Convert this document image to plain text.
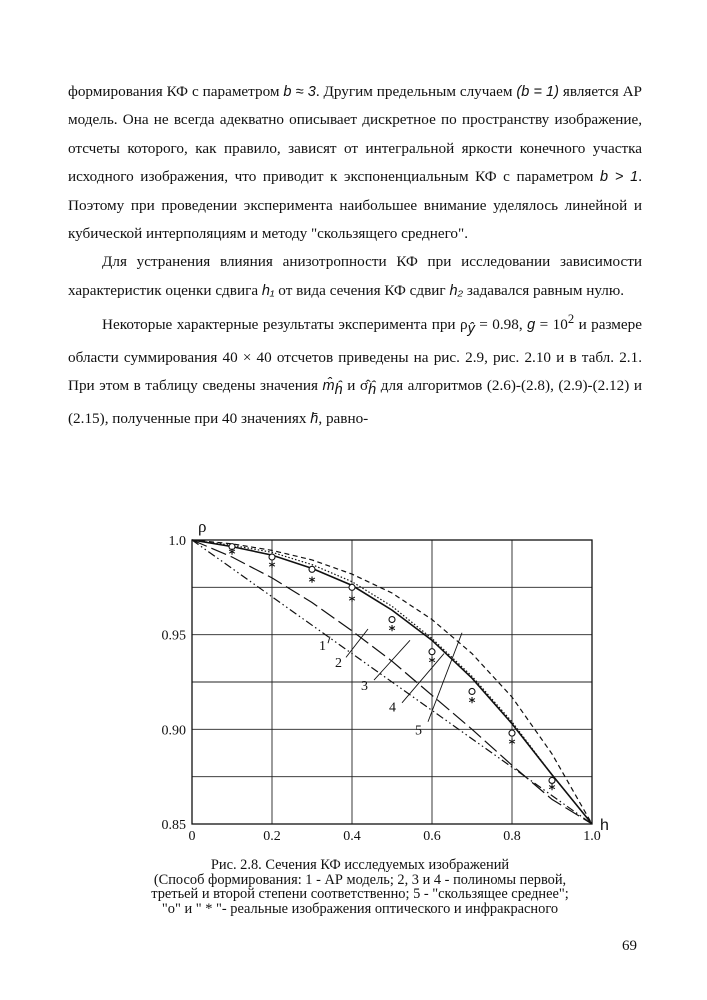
формирования КФ с параметром b ≈ 3. Другим предельным случаем (b = 1) является АР модель. Она не всегда адекватно описывает дискретное по пространству изображение, отсчеты которого, как правило, зависят от интегральной яркости конечного участка исходного изображения, что приводит к экспоненциальным КФ с параметром b > 1. Поэтому при проведении эксперимента наибольшее внимание уделялось линейной и кубической интерполяциям и методу "скользящего среднего".

Для устранения влияния анизотропности КФ при исследовании зависимости характеристик оценки сдвига h₁ от вида сечения КФ сдвиг h₂ задавался равным нулю.

Некоторые характерные результаты эксперимента при $\rho_ŷ = 0.98$, $g = 10^2$ и размере области суммирования 40 × 40 отсчетов приведены на рис. 2.9, рис. 2.10 и в табл. 2.1. При этом в таблицу сведены значения $m̂_ĥ$ и $\sigmâ_ĥ$ для алгоритмов (2.6)-(2.8), (2.9)-(2.12) и (2.15), полученные при 40 значениях h̄, равно-

0	0.2	0.4	0.6	0.8	1.0
0.85
0.90
0.95
1.0
ρ
h
*
*
*
*
*
*
*
*
*
1
2
3
4
5
Рис. 2.8. Сечения КФ исследуемых изображений
(Способ формирования: 1 - АР модель; 2, 3 и 4 - полиномы первой,
третьей и второй степени соответственно; 5 - "скользящее среднее";
"о" и " * "- реальные изображения оптического и инфракрасного
69
